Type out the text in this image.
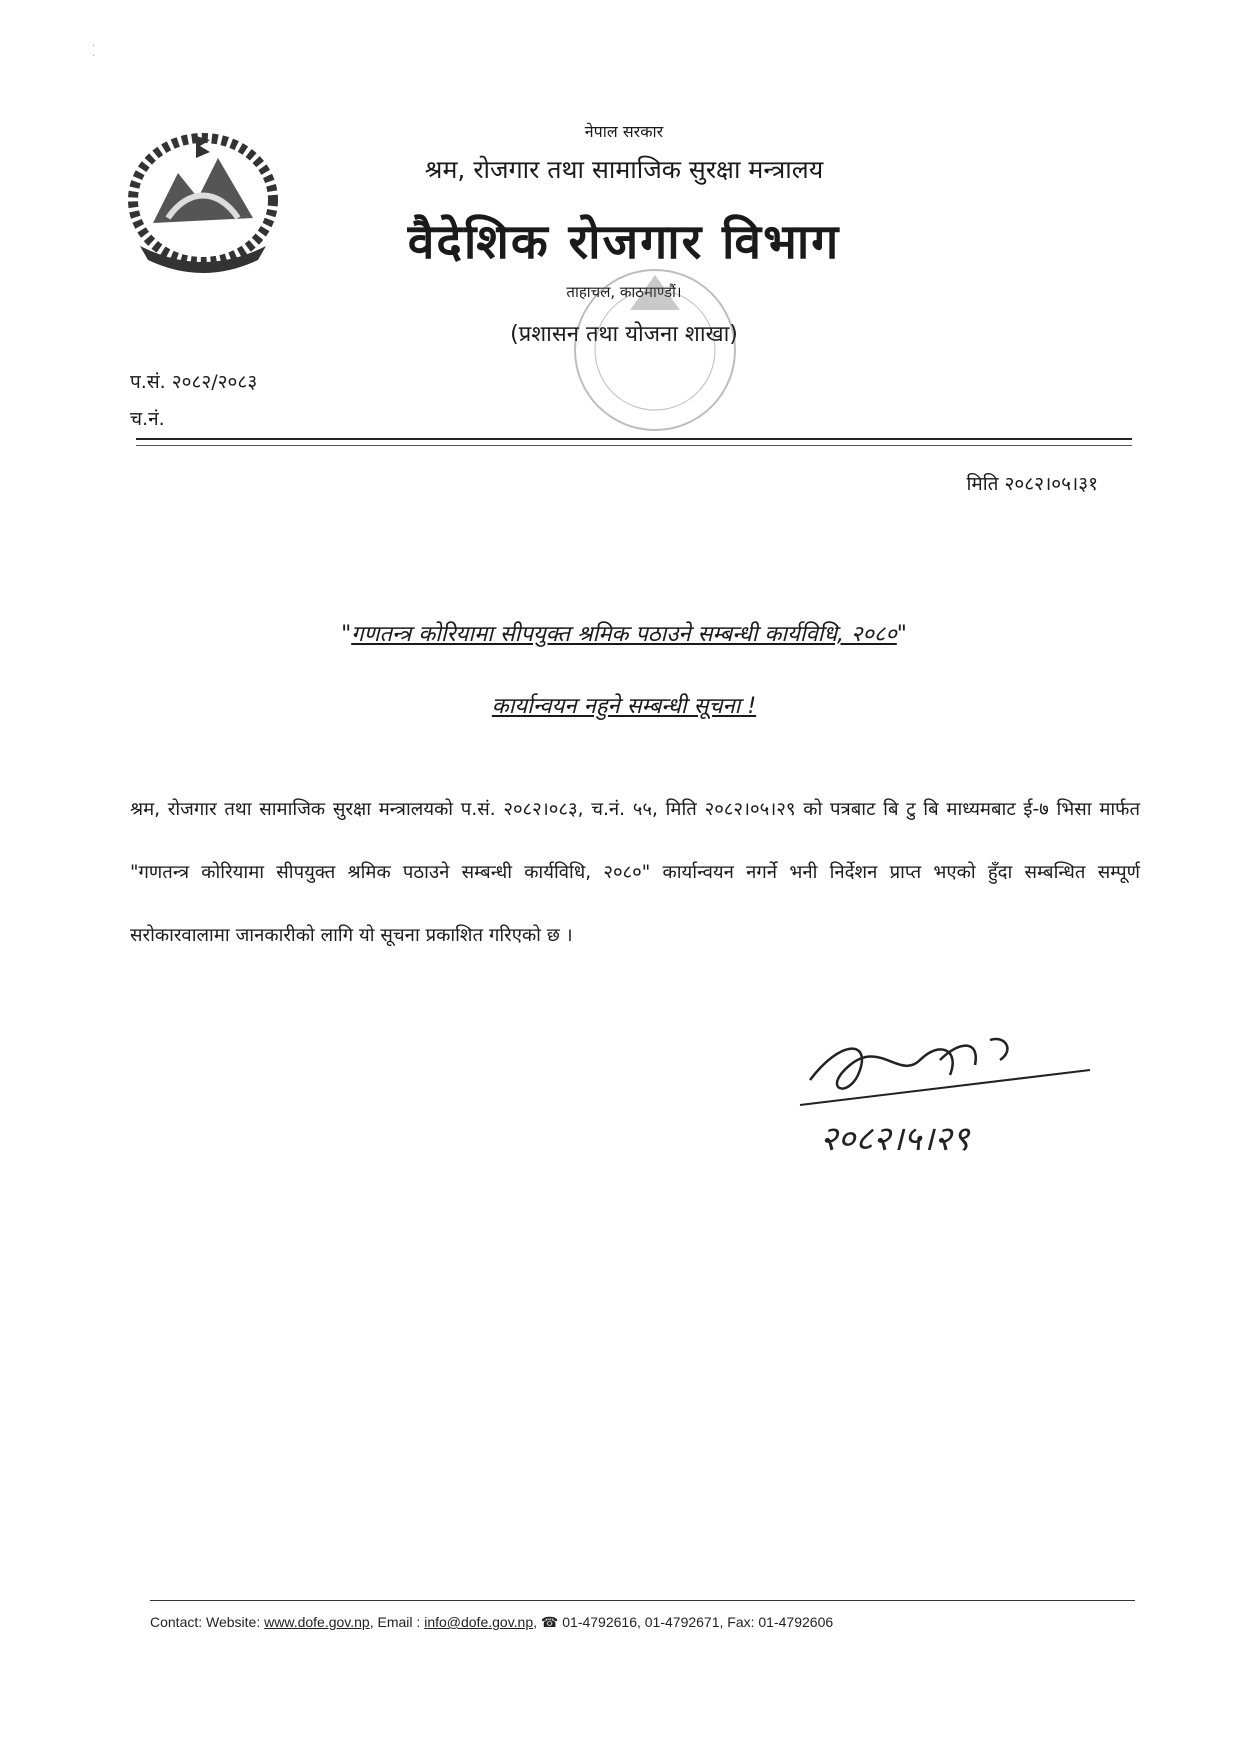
·
·
नेपाल सरकार
श्रम, रोजगार तथा सामाजिक सुरक्षा मन्त्रालय
वैदेशिक रोजगार विभाग
ताहाचल, काठमाण्डौं।
(प्रशासन तथा योजना शाखा)
प.सं. २०८२/२०८३
च.नं.
मिति २०८२।०५।३१
"गणतन्त्र कोरियामा सीपयुक्त श्रमिक पठाउने सम्बन्धी कार्यविधि, २०८०"
कार्यान्वयन नहुने सम्बन्धी सूचना !

श्रम, रोजगार तथा सामाजिक सुरक्षा मन्त्रालयको प.सं. २०८२।०८३, च.नं. ५५, मिति २०८२।०५।२९ को पत्रबाट बि टु बि माध्यमबाट ई-७ भिसा मार्फत "गणतन्त्र कोरियामा सीपयुक्त श्रमिक पठाउने सम्बन्धी कार्यविधि, २०८०" कार्यान्वयन नगर्ने भनी निर्देशन प्राप्त भएको हुँदा सम्बन्धित सम्पूर्ण सरोकारवालामा जानकारीको लागि यो सूचना प्रकाशित गरिएको छ ।

२०८२।५।२९
Contact: Website: www.dofe.gov.np, Email : info@dofe.gov.np, ☎ 01-4792616, 01-4792671, Fax: 01-4792606
